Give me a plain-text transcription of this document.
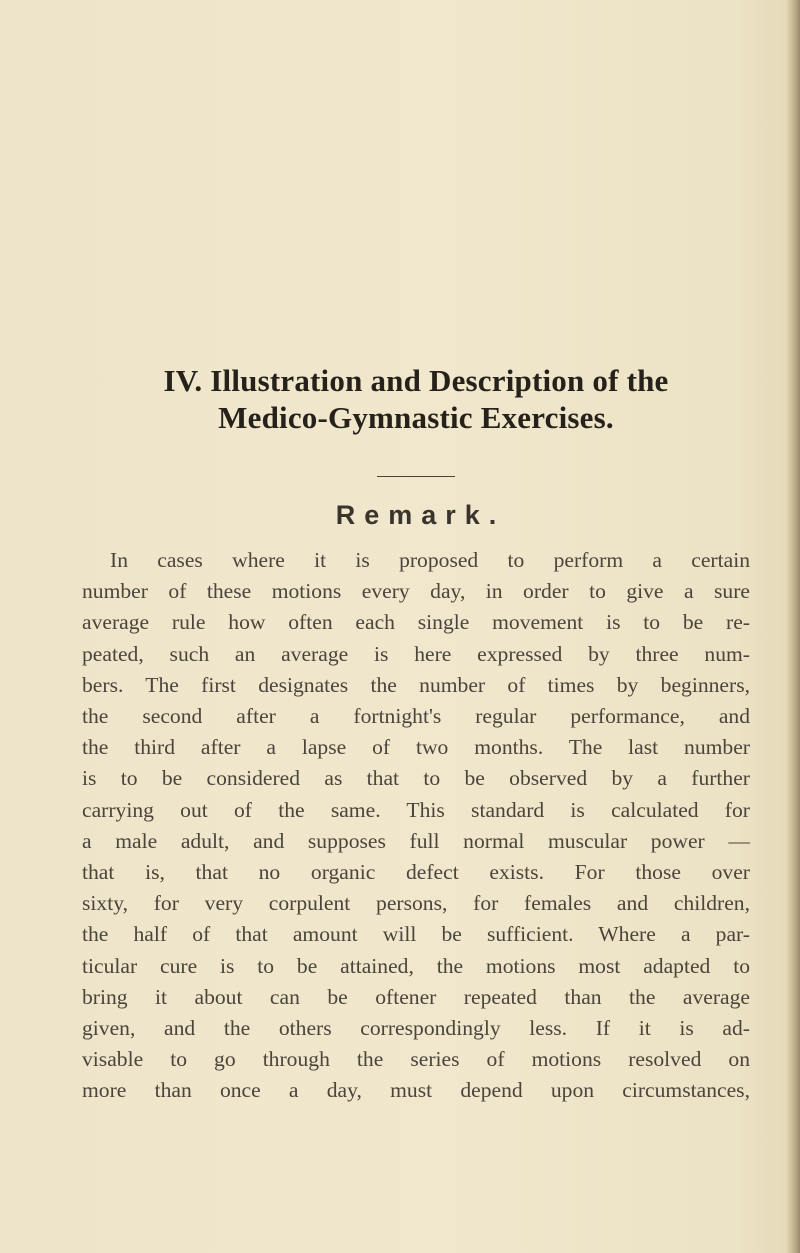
IV. Illustration and Description of the
Medico-Gymnastic Exercises.
Remark.

In cases where it is proposed to perform a certain
number of these motions every day, in order to give a sure
average rule how often each single movement is to be re-
peated, such an average is here expressed by three num-
bers. The first designates the number of times by beginners,
the second after a fortnight's regular performance, and
the third after a lapse of two months. The last number
is to be considered as that to be observed by a further
carrying out of the same. This standard is calculated for
a male adult, and supposes full normal muscular power —
that is, that no organic defect exists. For those over
sixty, for very corpulent persons, for females and children,
the half of that amount will be sufficient. Where a par-
ticular cure is to be attained, the motions most adapted to
bring it about can be oftener repeated than the average
given, and the others correspondingly less. If it is ad-
visable to go through the series of motions resolved on
more than once a day, must depend upon circumstances,
